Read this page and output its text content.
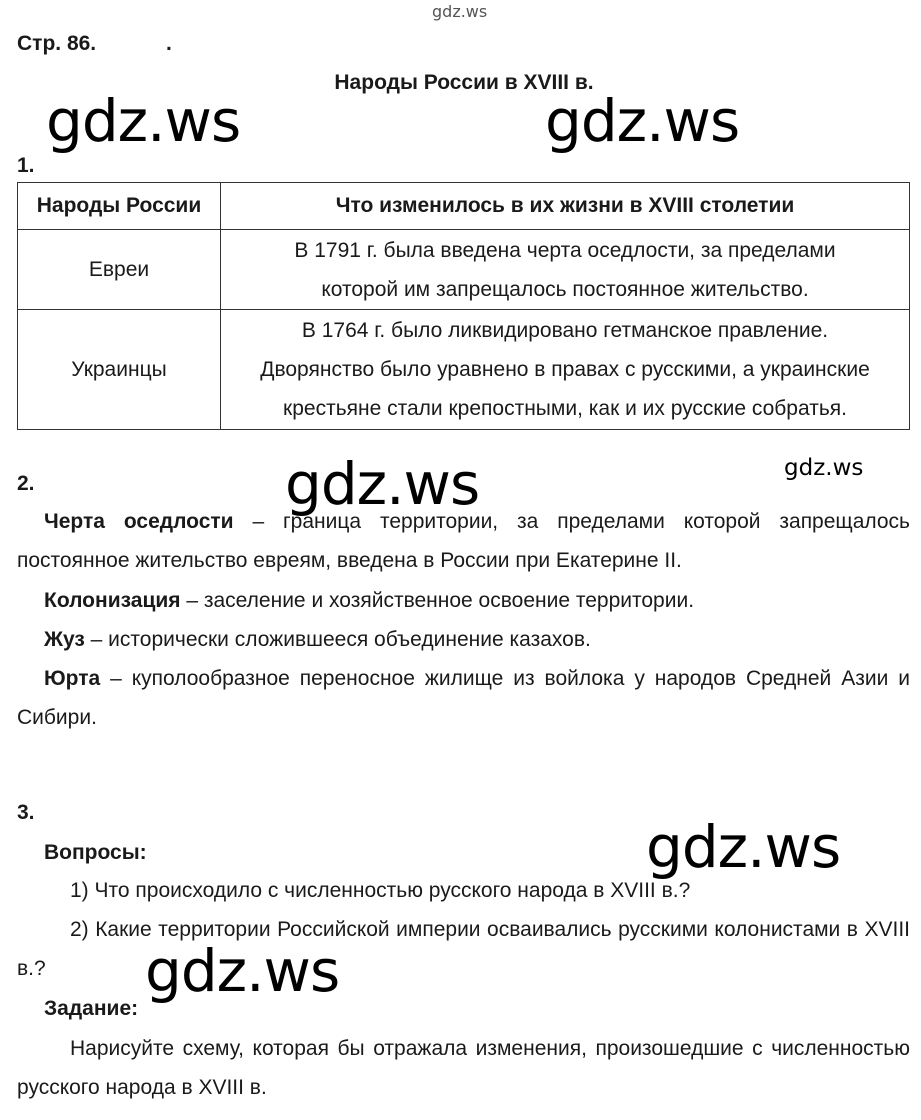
gdz.ws
Стр. 86.	.
Народы России в XVIII в.
1.
Народы России	Что изменилось в их жизни в XVIII столетии
Евреи	В 1791 г. была введена черта оседлости, за пределами
которой им запрещалось постоянное жительство.

Украинцы	В 1764 г. было ликвидировано гетманское правление.
Дворянство было уравнено в правах с русскими, а украинские
крестьяне стали крепостными, как и их русские собратья.
2.
Черта оседлости – граница территории, за пределами которой запрещалось постоянное жительство евреям, введена в России при Екатерине II.
Колонизация – заселение и хозяйственное освоение территории.
Жуз – исторически сложившееся объединение казахов.
Юрта – куполообразное переносное жилище из войлока у народов Средней Азии и Сибири.
3.
Вопросы:
1) Что происходило с численностью русского народа в XVIII в.?
2) Какие территории Российской империи осваивались русскими колонистами в XVIII в.?
Задание:
Нарисуйте схему, которая бы отражала изменения, произошедшие с численностью русского народа в XVIII в.
gdz.ws	gdz.ws
gdz.ws	gdz.ws
gdz.ws
gdz.ws
